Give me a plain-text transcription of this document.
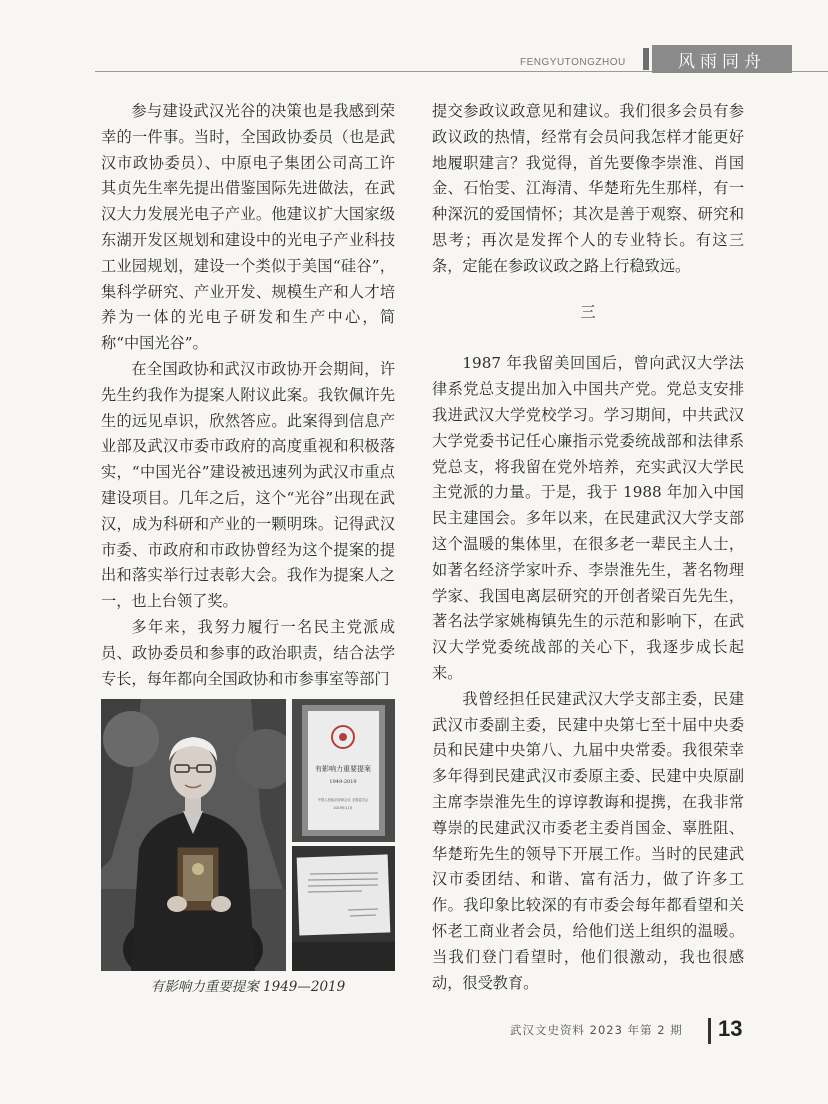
FENGYUTONGZHOU	风雨同舟

参与建设武汉光谷的决策也是我感到荣幸的一件事。当时，全国政协委员（也是武汉市政协委员）、中原电子集团公司高工许其贞先生率先提出借鉴国际先进做法，在武汉大力发展光电子产业。他建议扩大国家级东湖开发区规划和建设中的光电子产业科技工业园规划，建设一个类似于美国“硅谷”，集科学研究、产业开发、规模生产和人才培养为一体的光电子研发和生产中心，简称“中国光谷”。

在全国政协和武汉市政协开会期间，许先生约我作为提案人附议此案。我钦佩许先生的远见卓识，欣然答应。此案得到信息产业部及武汉市委市政府的高度重视和积极落实，“中国光谷”建设被迅速列为武汉市重点建设项目。几年之后，这个“光谷”出现在武汉，成为科研和产业的一颗明珠。记得武汉市委、市政府和市政协曾经为这个提案的提出和落实举行过表彰大会。我作为提案人之一，也上台领了奖。

多年来，我努力履行一名民主党派成员、政协委员和参事的政治职责，结合法学专长，每年都向全国政协和市参事室等部门

有影响力重要提案
1949-2019
中国人民政治协商会议 全国委员会
2019年11月
有影响力重要提案 1949—2019

提交参政议政意见和建议。我们很多会员有参政议政的热情，经常有会员问我怎样才能更好地履职建言？我觉得，首先要像李崇淮、肖国金、石怡雯、江海清、华楚珩先生那样，有一种深沉的爱国情怀；其次是善于观察、研究和思考；再次是发挥个人的专业特长。有这三条，定能在参政议政之路上行稳致远。

三

1987 年我留美回国后，曾向武汉大学法律系党总支提出加入中国共产党。党总支安排我进武汉大学党校学习。学习期间，中共武汉大学党委书记任心廉指示党委统战部和法律系党总支，将我留在党外培养，充实武汉大学民主党派的力量。于是，我于 1988 年加入中国民主建国会。多年以来，在民建武汉大学支部这个温暖的集体里，在很多老一辈民主人士，如著名经济学家叶乔、李崇淮先生，著名物理学家、我国电离层研究的开创者梁百先先生，著名法学家姚梅镇先生的示范和影响下，在武汉大学党委统战部的关心下，我逐步成长起来。

我曾经担任民建武汉大学支部主委，民建武汉市委副主委，民建中央第七至十届中央委员和民建中央第八、九届中央常委。我很荣幸多年得到民建武汉市委原主委、民建中央原副主席李崇淮先生的谆谆教诲和提携，在我非常尊崇的民建武汉市委老主委肖国金、辜胜阻、华楚珩先生的领导下开展工作。当时的民建武汉市委团结、和谐、富有活力，做了许多工作。我印象比较深的有市委会每年都看望和关怀老工商业者会员，给他们送上组织的温暖。当我们登门看望时，他们很激动，我也很感动，很受教育。

武汉文史资料 2023 年第 2 期 13
